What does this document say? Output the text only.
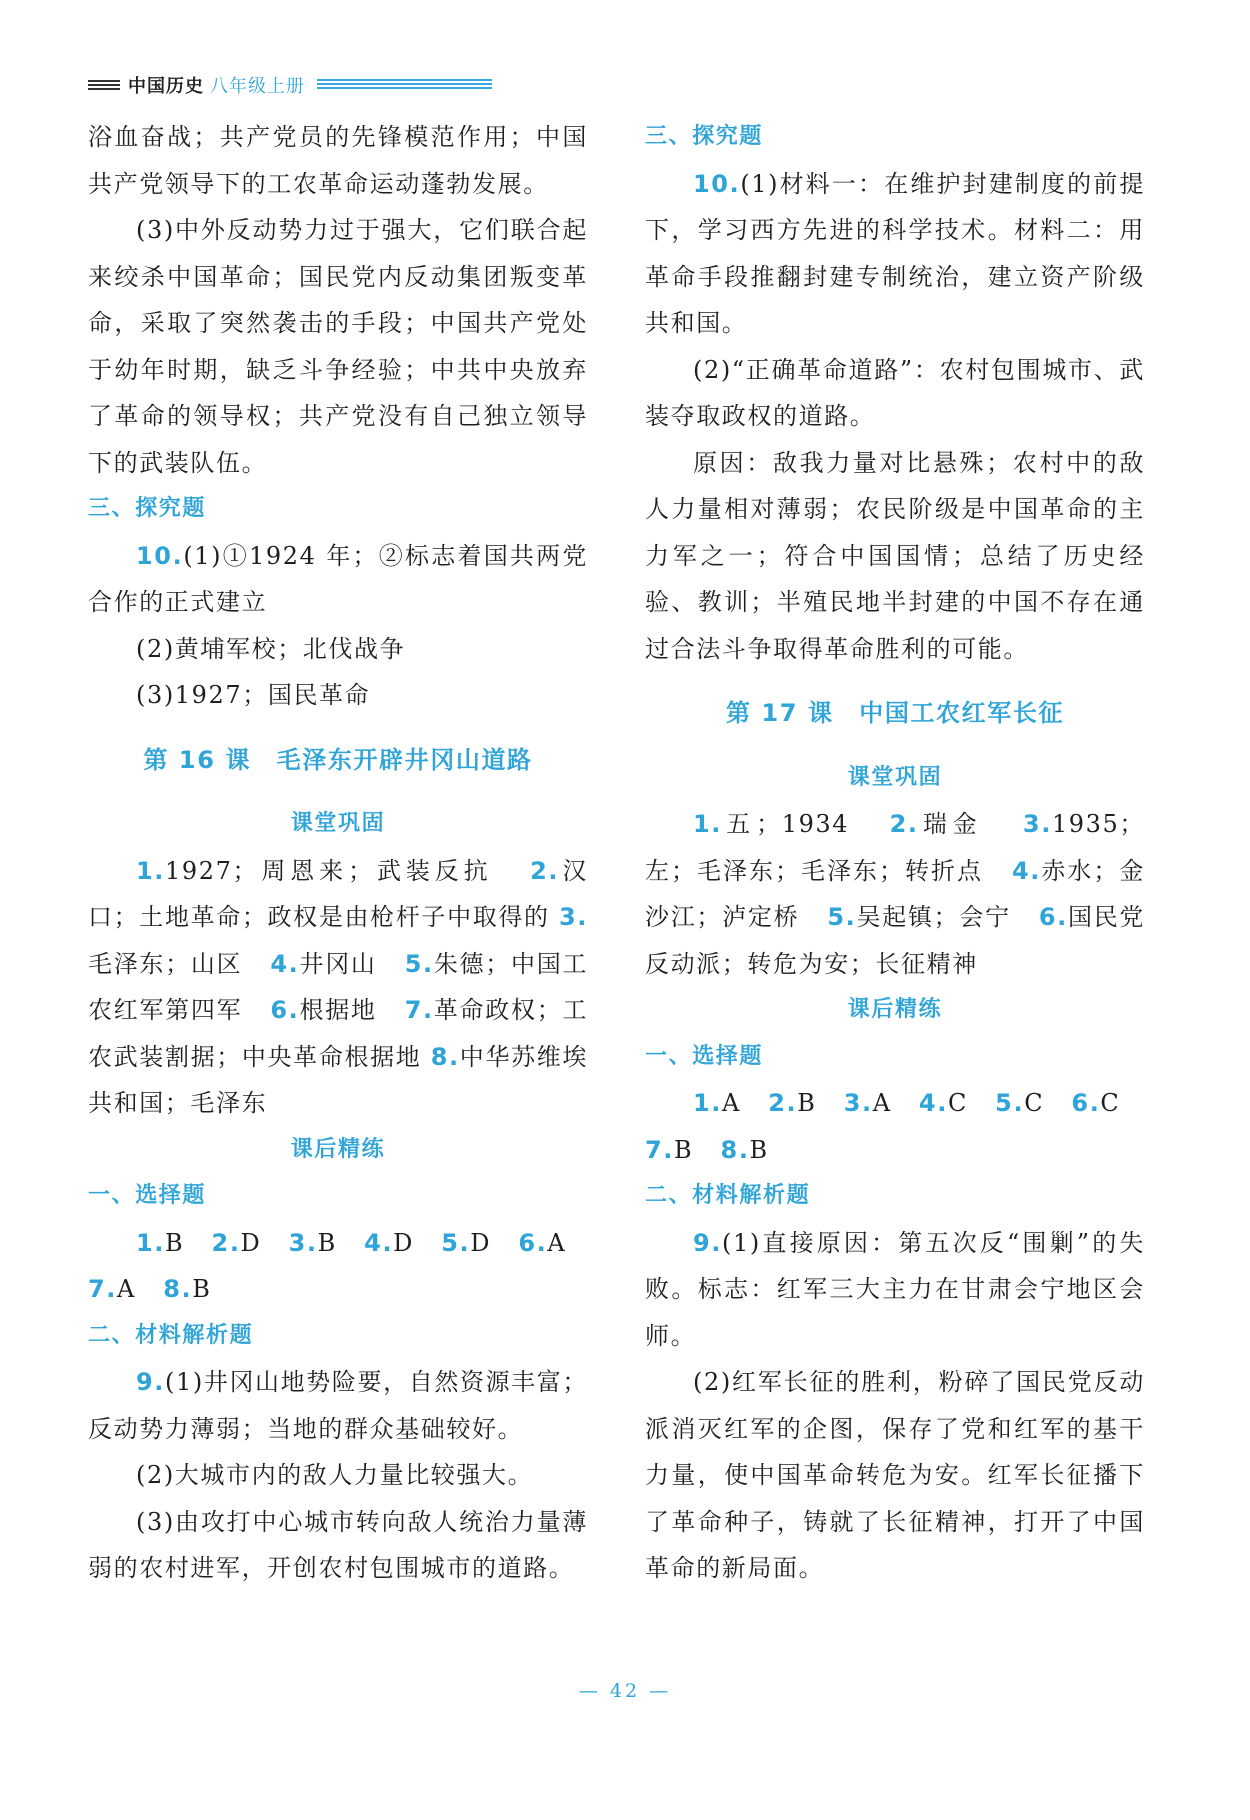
中国历史 八年级上册

浴血奋战；共产党员的先锋模范作用；中国共产党领导下的工农革命运动蓬勃发展。

(3)中外反动势力过于强大，它们联合起来绞杀中国革命；国民党内反动集团叛变革命，采取了突然袭击的手段；中国共产党处于幼年时期，缺乏斗争经验；中共中央放弃了革命的领导权；共产党没有自己独立领导下的武装队伍。

三、探究题

10.(1)①1924 年；②标志着国共两党合作的正式建立

(2)黄埔军校；北伐战争

(3)1927；国民革命

第 16 课　毛泽东开辟井冈山道路

课堂巩固

1.1927；周恩来；武装反抗 2.汉口；土地革命；政权是由枪杆子中取得的 3.毛泽东；山区 4.井冈山 5.朱德；中国工农红军第四军 6.根据地 7.革命政权；工农武装割据；中央革命根据地 8.中华苏维埃共和国；毛泽东

课后精练

一、选择题

1.B 2.D 3.B 4.D 5.D 6.A

7.A 8.B

二、材料解析题

9.(1)井冈山地势险要，自然资源丰富；反动势力薄弱；当地的群众基础较好。

(2)大城市内的敌人力量比较强大。

(3)由攻打中心城市转向敌人统治力量薄弱的农村进军，开创农村包围城市的道路。

三、探究题

10.(1)材料一：在维护封建制度的前提下，学习西方先进的科学技术。材料二：用革命手段推翻封建专制统治，建立资产阶级共和国。

(2)“正确革命道路”：农村包围城市、武装夺取政权的道路。

原因：敌我力量对比悬殊；农村中的敌人力量相对薄弱；农民阶级是中国革命的主力军之一；符合中国国情；总结了历史经验、教训；半殖民地半封建的中国不存在通过合法斗争取得革命胜利的可能。

第 17 课　中国工农红军长征

课堂巩固

1.五；1934 2.瑞金 3.1935；左；毛泽东；毛泽东；转折点 4.赤水；金沙江；泸定桥 5.吴起镇；会宁 6.国民党反动派；转危为安；长征精神

课后精练

一、选择题

1.A 2.B 3.A 4.C 5.C 6.C

7.B 8.B

二、材料解析题

9.(1)直接原因：第五次反“围剿”的失败。标志：红军三大主力在甘肃会宁地区会师。

(2)红军长征的胜利，粉碎了国民党反动派消灭红军的企图，保存了党和红军的基干力量，使中国革命转危为安。红军长征播下了革命种子，铸就了长征精神，打开了中国革命的新局面。

— 42 —
